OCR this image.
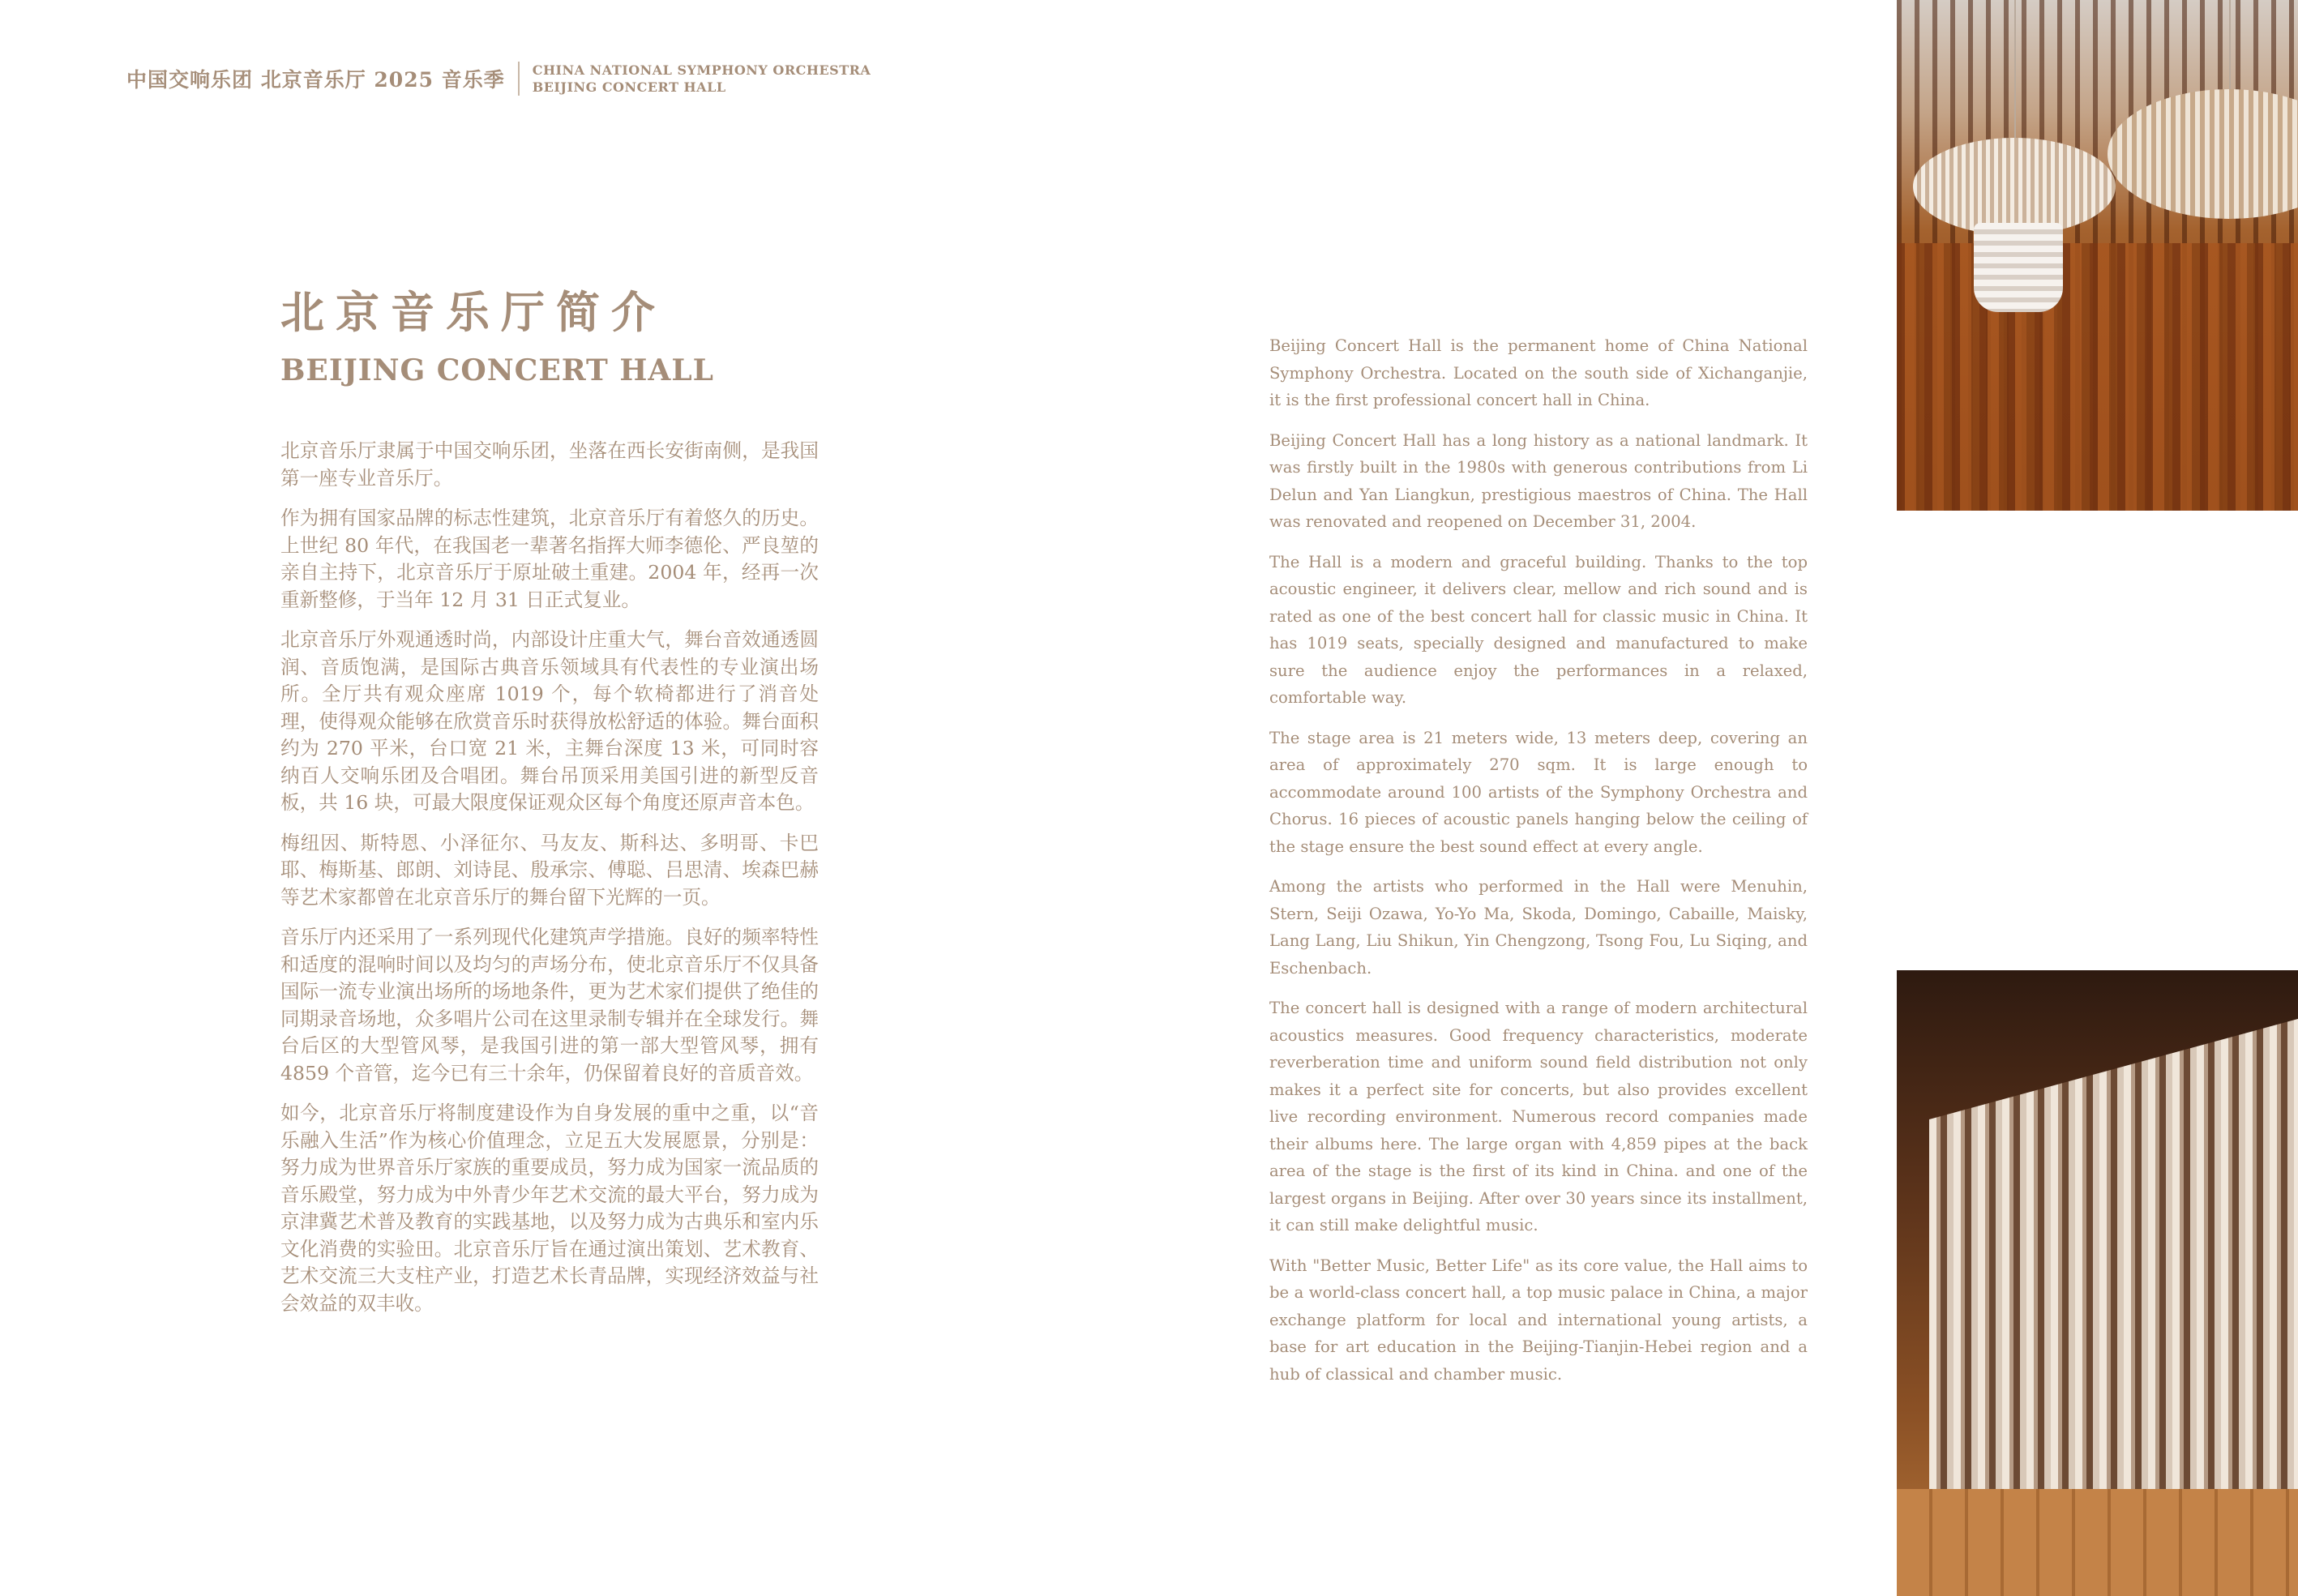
中国交响乐团 北京音乐厅 2025 音乐季 CHINA NATIONAL SYMPHONY ORCHESTRA
BEIJING CONCERT HALL
北京音乐厅简介
BEIJING CONCERT HALL

北京音乐厅隶属于中国交响乐团，坐落在西长安街南侧，是我国第一座专业音乐厅。

作为拥有国家品牌的标志性建筑，北京音乐厅有着悠久的历史。上世纪 80 年代，在我国老一辈著名指挥大师李德伦、严良堃的亲自主持下，北京音乐厅于原址破土重建。2004 年，经再一次重新整修，于当年 12 月 31 日正式复业。

北京音乐厅外观通透时尚，内部设计庄重大气，舞台音效通透圆润、音质饱满，是国际古典音乐领域具有代表性的专业演出场所。全厅共有观众座席 1019 个，每个软椅都进行了消音处理，使得观众能够在欣赏音乐时获得放松舒适的体验。舞台面积约为 270 平米，台口宽 21 米，主舞台深度 13 米，可同时容纳百人交响乐团及合唱团。舞台吊顶采用美国引进的新型反音板，共 16 块，可最大限度保证观众区每个角度还原声音本色。

梅纽因、斯特恩、小泽征尔、马友友、斯科达、多明哥、卡巴耶、梅斯基、郎朗、刘诗昆、殷承宗、傅聪、吕思清、埃森巴赫等艺术家都曾在北京音乐厅的舞台留下光辉的一页。

音乐厅内还采用了一系列现代化建筑声学措施。良好的频率特性和适度的混响时间以及均匀的声场分布，使北京音乐厅不仅具备国际一流专业演出场所的场地条件，更为艺术家们提供了绝佳的同期录音场地，众多唱片公司在这里录制专辑并在全球发行。舞台后区的大型管风琴，是我国引进的第一部大型管风琴，拥有 4859 个音管，迄今已有三十余年，仍保留着良好的音质音效。

如今，北京音乐厅将制度建设作为自身发展的重中之重，以“音乐融入生活”作为核心价值理念，立足五大发展愿景，分别是：努力成为世界音乐厅家族的重要成员，努力成为国家一流品质的音乐殿堂，努力成为中外青少年艺术交流的最大平台，努力成为京津冀艺术普及教育的实践基地，以及努力成为古典乐和室内乐文化消费的实验田。北京音乐厅旨在通过演出策划、艺术教育、艺术交流三大支柱产业，打造艺术长青品牌，实现经济效益与社会效益的双丰收。

Beijing Concert Hall is the permanent home of China National Symphony Orchestra. Located on the south side of Xichanganjie, it is the first professional concert hall in China.

Beijing Concert Hall has a long history as a national landmark. It was firstly built in the 1980s with generous contributions from Li Delun and Yan Liangkun, prestigious maestros of China. The Hall was renovated and reopened on December 31, 2004.

The Hall is a modern and graceful building. Thanks to the top acoustic engineer, it delivers clear, mellow and rich sound and is rated as one of the best concert hall for classic music in China. It has 1019 seats, specially designed and manufactured to make sure the audience enjoy the performances in a relaxed, comfortable way.

The stage area is 21 meters wide, 13 meters deep, covering an area of approximately 270 sqm. It is large enough to accommodate around 100 artists of the Symphony Orchestra and Chorus. 16 pieces of acoustic panels hanging below the ceiling of the stage ensure the best sound effect at every angle.

Among the artists who performed in the Hall were Menuhin, Stern, Seiji Ozawa, Yo-Yo Ma, Skoda, Domingo, Cabaille, Maisky, Lang Lang, Liu Shikun, Yin Chengzong, Tsong Fou, Lu Siqing, and Eschenbach.

The concert hall is designed with a range of modern architectural acoustics measures. Good frequency characteristics, moderate reverberation time and uniform sound field distribution not only makes it a perfect site for concerts, but also provides excellent live recording environment. Numerous record companies made their albums here. The large organ with 4,859 pipes at the back area of the stage is the first of its kind in China. and one of the largest organs in Beijing. After over 30 years since its installment, it can still make delightful music.

With "Better Music, Better Life" as its core value, the Hall aims to be a world-class concert hall, a top music palace in China, a major exchange platform for local and international young artists, a base for art education in the Beijing-Tianjin-Hebei region and a hub of classical and chamber music.
